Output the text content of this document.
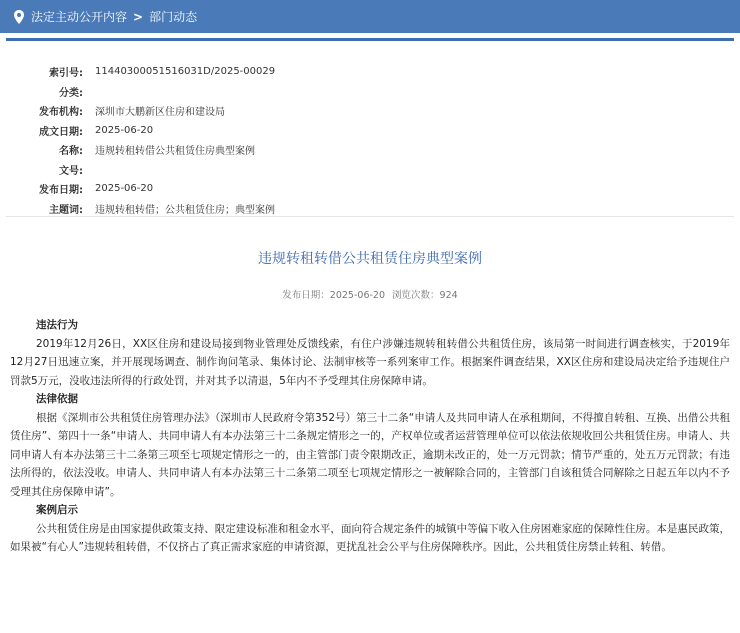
法定主动公开内容 > 部门动态
索引号: 11440300051516031D/2025-00029
分类:
发布机构: 深圳市大鹏新区住房和建设局
成文日期: 2025-06-20
名称: 违规转租转借公共租赁住房典型案例
文号:
发布日期: 2025-06-20
主题词: 违规转租转借；公共租赁住房；典型案例
违规转租转借公共租赁住房典型案例
发布日期：2025-06-20 浏览次数：924
违法行为

2019年12月26日，XX区住房和建设局接到物业管理处反馈线索，有住户涉嫌违规转租转借公共租赁住房，该局第一时间进行调查核实，于2019年12月27日迅速立案，并开展现场调查、制作询问笔录、集体讨论、法制审核等一系列案审工作。根据案件调查结果，XX区住房和建设局决定给予违规住户罚款5万元，没收违法所得的行政处罚，并对其予以清退，5年内不予受理其住房保障申请。

法律依据

根据《深圳市公共租赁住房管理办法》（深圳市人民政府令第352号）第三十二条“申请人及共同申请人在承租期间，不得擅自转租、互换、出借公共租赁住房”、第四十一条“申请人、共同申请人有本办法第三十二条规定情形之一的，产权单位或者运营管理单位可以依法依规收回公共租赁住房。申请人、共同申请人有本办法第三十二条第三项至七项规定情形之一的，由主管部门责令限期改正，逾期未改正的，处一万元罚款；情节严重的，处五万元罚款；有违法所得的，依法没收。申请人、共同申请人有本办法第三十二条第二项至七项规定情形之一被解除合同的，主管部门自该租赁合同解除之日起五年以内不予受理其住房保障申请”。

案例启示

公共租赁住房是由国家提供政策支持、限定建设标准和租金水平，面向符合规定条件的城镇中等偏下收入住房困难家庭的保障性住房。本是惠民政策，如果被“有心人”违规转租转借，不仅挤占了真正需求家庭的申请资源，更扰乱社会公平与住房保障秩序。因此，公共租赁住房禁止转租、转借。
